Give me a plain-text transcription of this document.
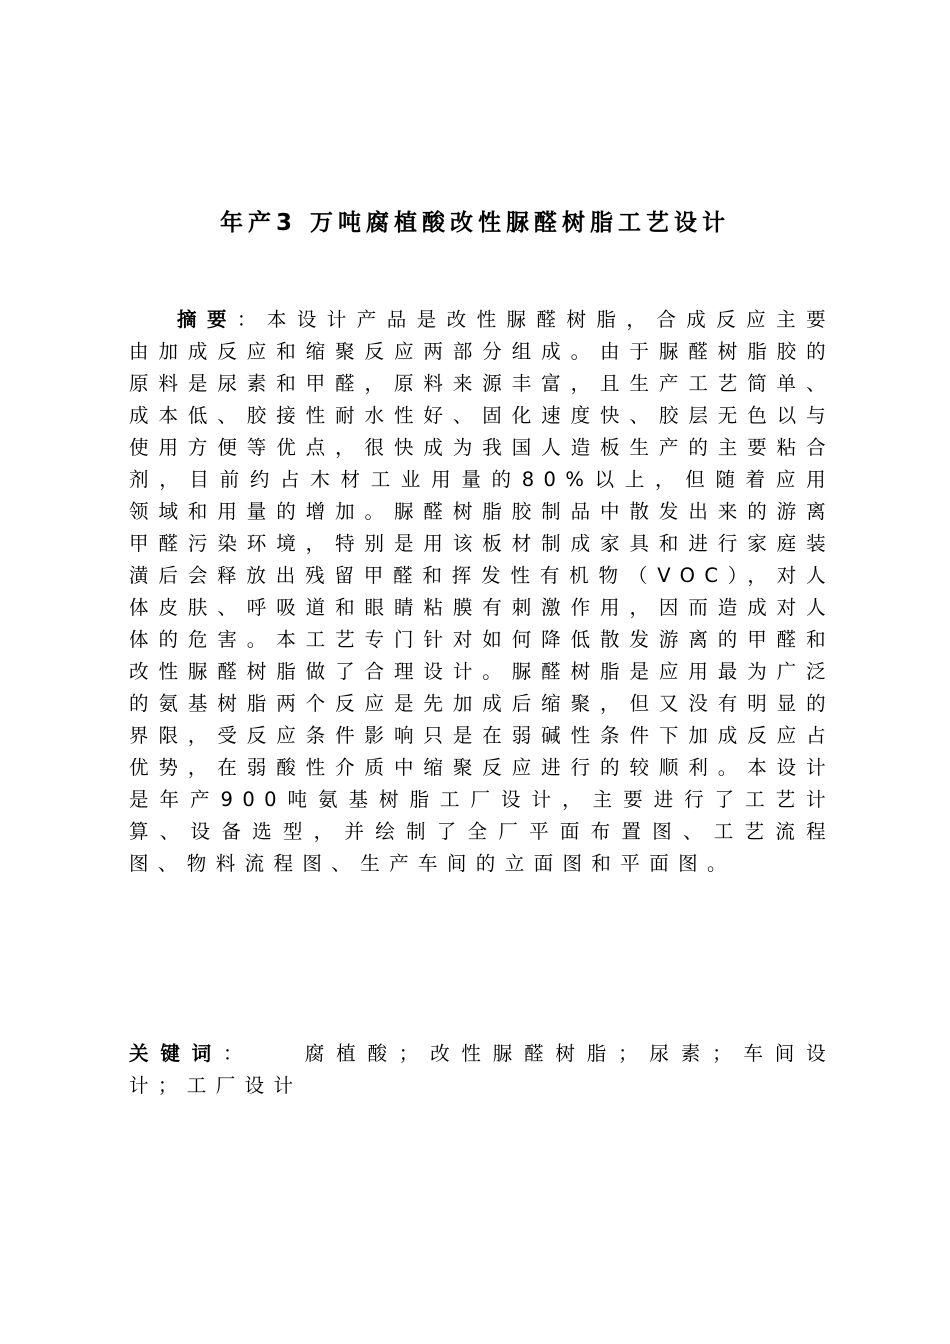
年产3 万吨腐植酸改性脲醛树脂工艺设计
摘要：本设计产品是改性脲醛树脂，合成反应主要由加成反应和缩聚反应两部分组成。由于脲醛树脂胶的原料是尿素和甲醛，原料来源丰富，且生产工艺简单、成本低、胶接性耐水性好、固化速度快、胶层无色以与使用方便等优点，很快成为我国人造板生产的主要粘合剂，目前约占木材工业用量的80%以上，但随着应用领域和用量的增加。脲醛树脂胶制品中散发出来的游离甲醛污染环境，特别是用该板材制成家具和进行家庭装潢后会释放出残留甲醛和挥发性有机物（VOC），对人体皮肤、呼吸道和眼睛粘膜有刺激作用，因而造成对人体的危害。本工艺专门针对如何降低散发游离的甲醛和改性脲醛树脂做了合理设计。脲醛树脂是应用最为广泛的氨基树脂两个反应是先加成后缩聚，但又没有明显的界限，受反应条件影响只是在弱碱性条件下加成反应占优势，在弱酸性介质中缩聚反应进行的较顺利。本设计是年产900吨氨基树脂工厂设计，主要进行了工艺计算、设备选型，并绘制了全厂平面布置图、工艺流程图、物料流程图、生产车间的立面图和平面图。
关键词： 腐植酸；改性脲醛树脂；尿素；车间设计；工厂设计
